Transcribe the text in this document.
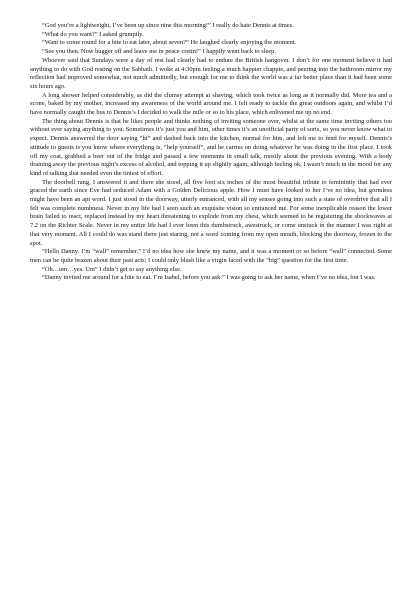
“God you’re a lightweight, I’ve been up since nine this morning!” I really do hate Dennis at times.

“What do you want?” I asked grumpily.

“Want to come round for a bite to eat later, about seven?” He laughed clearly enjoying the moment.

“See you then. Now bugger off and leave me in peace cretin!” I happily went back to sleep.

Whoever said that Sundays were a day of rest had clearly had to endure the British hangover. I don’t for one moment believe it had anything to do with God resting on the Sabbath. I woke at 4:30pm feeling a much happier chappie, and peering into the bathroom mirror my reflection had improved somewhat, not much admittedly, but enough for me to think the world was a far better place than it had been some six hours ago.

A long shower helped considerably, as did the clumsy attempt at shaving, which took twice as long as it normally did. More tea and a scone, baked by my mother, increased my awareness of the world around me. I felt ready to tackle the great outdoors again, and whilst I’d have normally caught the bus to Dennis’s I decided to walk the mile or so to his place, which enlivened me up no end.

The thing about Dennis is that he likes people and thinks nothing of inviting someone over, whilst at the same time inviting others too without ever saying anything to you. Sometimes it’s just you and him, other times it’s an unofficial party of sorts, so you never know what to expect. Dennis answered the door saying “hi” and dashed back into the kitchen, normal for him, and left me to fend for myself. Dennis’s attitude to guests is you know where everything is, “help yourself”, and he carries on doing whatever he was doing in the first place. I took off my coat, grabbed a beer out of the fridge and passed a few moments in small talk, mostly about the previous evening. With a body draining away the previous night’s excess of alcohol, and topping it up slightly again, although feeling ok, I wasn’t much in the mood for any kind of talking that needed even the tiniest of effort.

The doorbell rang, I answered it and there she stood, all five foot six inches of the most beautiful tribute to femininity that had ever graced the earth since Eve had seduced Adam with a Golden Delicious apple. How I must have looked to her I’ve no idea, but gormless might have been an apt word. I just stood in the doorway, utterly entranced, with all my senses going into such a state of overdrive that all I felt was complete numbness. Never in my life had I seen such an exquisite vision so entranced me. For some inexplicable reason the lower brain failed to react, replaced instead by my heart threatening to explode from my chest, which seemed to be registering the shockwaves at 7.2 on the Richter Scale. Never in my entire life had I ever been this dumbstruck, awestruck, or come unstuck in the manner I was right at that very moment. All I could do was stand there just staring, not a word coming from my open mouth, blocking the doorway, frozen to the spot.

“Hello Danny. I’m “wall” remember.” I’d no idea how she knew my name, and it was a moment or so before “wall” connected. Some men can be quite brazen about their past acts; I could only blush like a virgin faced with the “big” question for the first time.

“Oh…um…yes. Um” I didn’t get to say anything else.

“Danny invited me around for a bite to eat. I’m Isabel, before you ask.” I was going to ask her name, when I’ve no idea, but I was.
